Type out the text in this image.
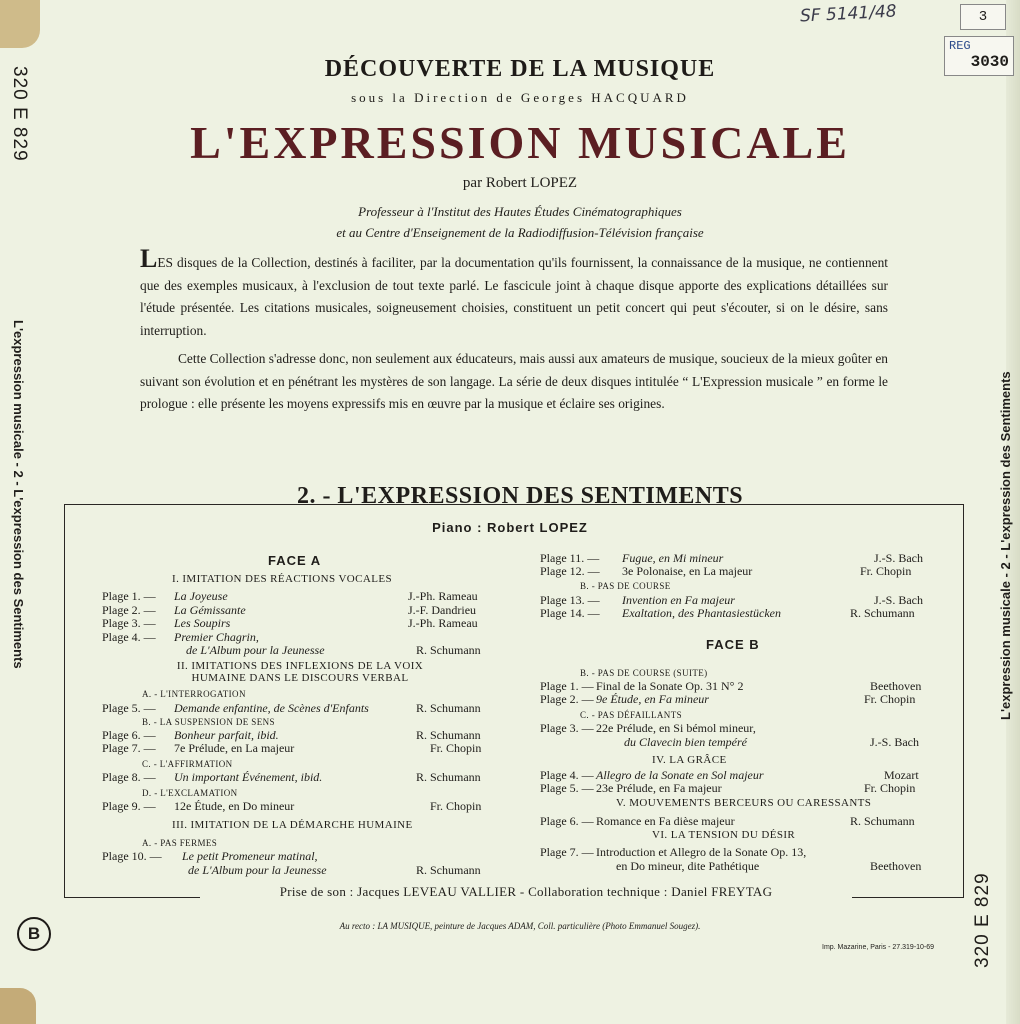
SF 5141/48	3
REG
3030
320 E 829
320 E 829
L'expression musicale - 2 - L'expression des Sentiments	L'expression musicale - 2 - L'expression des Sentiments
DÉCOUVERTE DE LA MUSIQUE
sous la Direction de Georges HACQUARD
L'EXPRESSION MUSICALE
par Robert LOPEZ
Professeur à l'Institut des Hautes Études Cinématographiques
et au Centre d'Enseignement de la Radiodiffusion-Télévision française

LES disques de la Collection, destinés à faciliter, par la documentation qu'ils fournissent, la connaissance de la musique, ne contiennent que des exemples musicaux, à l'exclusion de tout texte parlé. Le fascicule joint à chaque disque apporte des explications détaillées sur l'étude présentée. Les citations musicales, soigneusement choisies, constituent un petit concert qui peut s'écouter, si on le désire, sans interruption.

Cette Collection s'adresse donc, non seulement aux éducateurs, mais aussi aux amateurs de musique, soucieux de la mieux goûter en suivant son évolution et en pénétrant les mystères de son langage. La série de deux disques intitulée “ L'Expression musicale ” en forme le prologue : elle présente les moyens expressifs mis en œuvre par la musique et éclaire ses origines.

2. - L'EXPRESSION DES SENTIMENTS
Piano : Robert LOPEZ
FACE A
I. IMITATION DES RÉACTIONS VOCALES
Plage 1. — La Joyeuse	J.-Ph. Rameau
Plage 2. — La Gémissante	J.-F. Dandrieu
Plage 3. — Les Soupirs	J.-Ph. Rameau
Plage 4. — Premier Chagrin,
de L'Album pour la Jeunesse	R. Schumann
II. IMITATIONS DES INFLEXIONS DE LA VOIX
HUMAINE DANS LE DISCOURS VERBAL
A. - L'INTERROGATION
Plage 5. — Demande enfantine, de Scènes d'Enfants	R. Schumann
B. - LA SUSPENSION DE SENS
Plage 6. — Bonheur parfait, ibid.	R. Schumann
Plage 7. — 7e Prélude, en La majeur	Fr. Chopin
C. - L'AFFIRMATION
Plage 8. — Un important Événement, ibid.	R. Schumann
D. - L'EXCLAMATION
Plage 9. — 12e Étude, en Do mineur	Fr. Chopin
III. IMITATION DE LA DÉMARCHE HUMAINE
A. - PAS FERMES
Plage 10. — Le petit Promeneur matinal,
de L'Album pour la Jeunesse	R. Schumann
Plage 11. — Fugue, en Mi mineur	J.-S. Bach
Plage 12. — 3e Polonaise, en La majeur	Fr. Chopin
B. - PAS DE COURSE
Plage 13. — Invention en Fa majeur	J.-S. Bach
Plage 14. — Exaltation, des Phantasiestücken	R. Schumann
FACE B
B. - PAS DE COURSE (SUITE)
Plage 1. — Final de la Sonate Op. 31 N° 2	Beethoven
Plage 2. — 9e Étude, en Fa mineur	Fr. Chopin
C. - PAS DÉFAILLANTS
Plage 3. — 22e Prélude, en Si bémol mineur,
du Clavecin bien tempéré	J.-S. Bach
IV. LA GRÂCE
Plage 4. — Allegro de la Sonate en Sol majeur	Mozart
Plage 5. — 23e Prélude, en Fa majeur	Fr. Chopin
V. MOUVEMENTS BERCEURS OU CARESSANTS
Plage 6. — Romance en Fa dièse majeur	R. Schumann
VI. LA TENSION DU DÉSIR
Plage 7. — Introduction et Allegro de la Sonate Op. 13,
en Do mineur, dite Pathétique	Beethoven
Prise de son : Jacques LEVEAU VALLIER - Collaboration technique : Daniel FREYTAG
Au recto : LA MUSIQUE, peinture de Jacques ADAM, Coll. particulière (Photo Emmanuel Sougez).
Imp. Mazarine, Paris - 27.319-10-69
B
